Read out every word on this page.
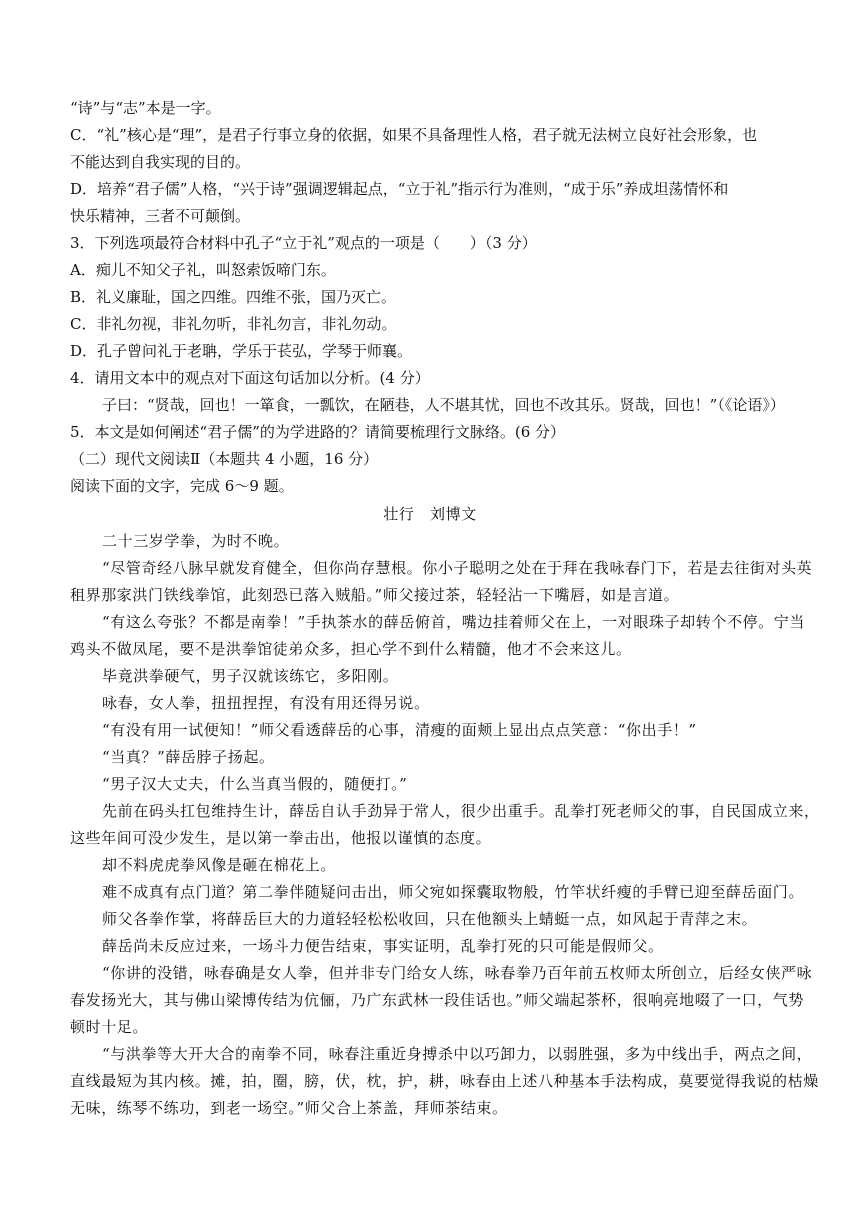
“诗”与“志”本是一字。
C．“礼”核心是“理”，是君子行事立身的依据，如果不具备理性人格，君子就无法树立良好社会形象，也
不能达到自我实现的目的。
D．培养“君子儒”人格，“兴于诗”强调逻辑起点，“立于礼”指示行为准则，“成于乐”养成坦荡情怀和
快乐精神，三者不可颠倒。
3．下列选项最符合材料中孔子“立于礼”观点的一项是（　　）（3 分）
A．痴儿不知父子礼，叫怒索饭啼门东。
B．礼义廉耻，国之四维。四维不张，国乃灭亡。
C．非礼勿视，非礼勿听，非礼勿言，非礼勿动。
D．孔子曾问礼于老聃，学乐于苌弘，学琴于师襄。
4．请用文本中的观点对下面这句话加以分析。(4 分）
子曰：“贤哉，回也！一箪食，一瓢饮，在陋巷，人不堪其忧，回也不改其乐。贤哉，回也！”（《论语》）
5．本文是如何阐述“君子儒”的为学进路的？请简要梳理行文脉络。(6 分）
（二）现代文阅读Ⅱ（本题共 4 小题，16 分）
阅读下面的文字，完成 6～9 题。
壮行　刘博文
二十三岁学拳，为时不晚。
“尽管奇经八脉早就发育健全，但你尚存慧根。你小子聪明之处在于拜在我咏春门下，若是去往街对头英
租界那家洪门铁线拳馆，此刻恐已落入贼船。”师父接过茶，轻轻沾一下嘴唇，如是言道。
“有这么夸张？不都是南拳！”手执茶水的薛岳俯首，嘴边挂着师父在上，一对眼珠子却转个不停。宁当
鸡头不做凤尾，要不是洪拳馆徒弟众多，担心学不到什么精髓，他才不会来这儿。
毕竟洪拳硬气，男子汉就该练它，多阳刚。
咏春，女人拳，扭扭捏捏，有没有用还得另说。
“有没有用一试便知！”师父看透薛岳的心事，清瘦的面颊上显出点点笑意：“你出手！”
“当真？”薛岳脖子扬起。
“男子汉大丈夫，什么当真当假的，随便打。”
先前在码头扛包维持生计，薛岳自认手劲异于常人，很少出重手。乱拳打死老师父的事，自民国成立来，
这些年间可没少发生，是以第一拳击出，他报以谨慎的态度。
却不料虎虎拳风像是砸在棉花上。
难不成真有点门道？第二拳伴随疑问击出，师父宛如探囊取物般，竹竿状纤瘦的手臂已迎至薛岳面门。
师父各拳作掌，将薛岳巨大的力道轻轻松松收回，只在他额头上蜻蜓一点，如风起于青萍之末。
薛岳尚未反应过来，一场斗力便告结束，事实证明，乱拳打死的只可能是假师父。
“你讲的没错，咏春确是女人拳，但并非专门给女人练，咏春拳乃百年前五枚师太所创立，后经女侠严咏
春发扬光大，其与佛山梁博传结为伉俪，乃广东武林一段佳话也。”师父端起茶杯，很响亮地啜了一口，气势
顿时十足。
“与洪拳等大开大合的南拳不同，咏春注重近身搏杀中以巧卸力，以弱胜强，多为中线出手，两点之间，
直线最短为其内核。摊，拍，圈，膀，伏，枕，护，耕，咏春由上述八种基本手法构成，莫要觉得我说的枯燥
无味，练琴不练功，到老一场空。”师父合上茶盖，拜师茶结束。
